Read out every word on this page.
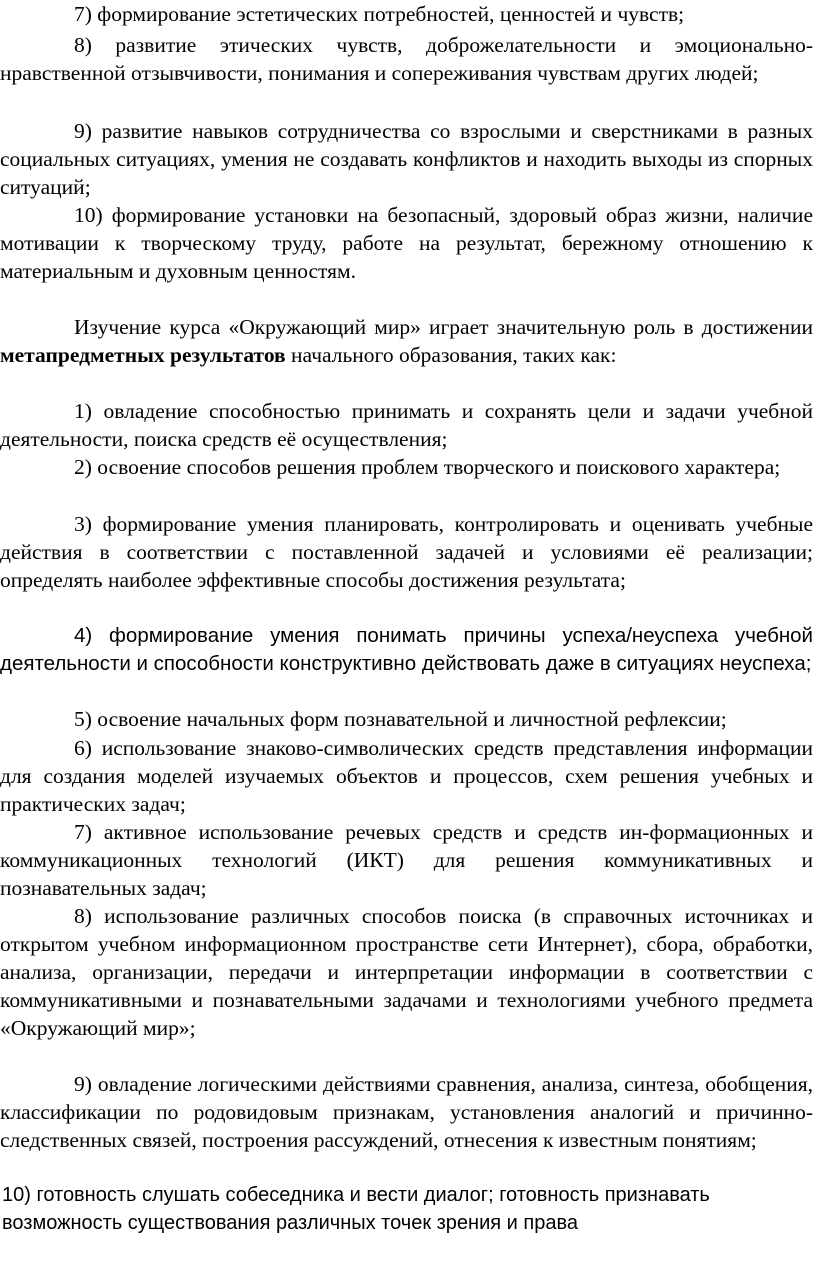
7) формирование эстетических потребностей, ценностей и чувств;

8) развитие этических чувств, доброжелательности и эмоционально-нравственной отзывчивости, понимания и сопереживания чувствам других людей;

9) развитие навыков сотрудничества со взрослыми и сверстниками в разных социальных ситуациях, умения не создавать конфликтов и находить выходы из спорных ситуаций;

10) формирование установки на безопасный, здоровый образ жизни, наличие мотивации к творческому труду, работе на результат, бережному отношению к материальным и духовным ценностям.

Изучение курса «Окружающий мир» играет значительную роль в достижении метапредметных результатов начального образования, таких как:

1) овладение способностью принимать и сохранять цели и задачи учебной деятельности, поиска средств её осуществления;

2) освоение способов решения проблем творческого и поискового характера;

3) формирование умения планировать, контролировать и оценивать учебные действия в соответствии с поставленной задачей и условиями её реализации; определять наиболее эффективные способы достижения результата;

4) формирование умения понимать причины успеха/неуспеха учебной деятельности и способности конструктивно действовать даже в ситуациях неуспеха;

5) освоение начальных форм познавательной и личностной рефлексии;

6) использование знаково-символических средств представления информации для создания моделей изучаемых объектов и процессов, схем решения учебных и практических задач;

7) активное использование речевых средств и средств ин-формационных и коммуникационных технологий (ИКТ) для решения коммуникативных и познавательных задач;

8) использование различных способов поиска (в справочных источниках и открытом учебном информационном пространстве сети Интернет), сбора, обработки, анализа, организации, передачи и интерпретации информации в соответствии с коммуникативными и познавательными задачами и технологиями учебного предмета «Окружающий мир»;

9) овладение логическими действиями сравнения, анализа, синтеза, обобщения, классификации по родовидовым признакам, установления аналогий и причинно-следственных связей, построения рассуждений, отнесения к известным понятиям;

10) готовность слушать собеседника и вести диалог; готовность признавать возможность существования различных точек зрения и права
